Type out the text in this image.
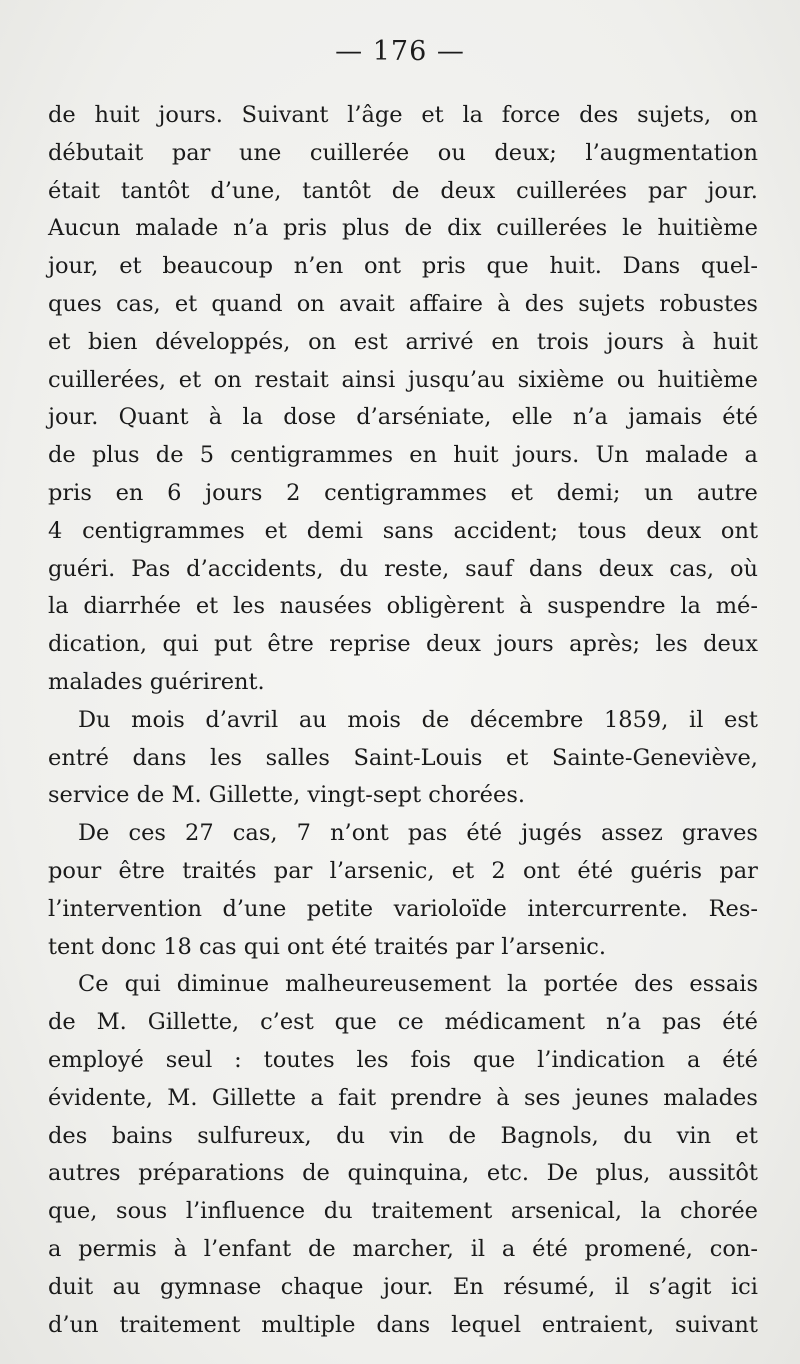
— 176 —
de huit jours. Suivant l’âge et la force des sujets, on
débutait par une cuillerée ou deux; l’augmentation
était tantôt d’une, tantôt de deux cuillerées par jour.
Aucun malade n’a pris plus de dix cuillerées le huitième
jour, et beaucoup n’en ont pris que huit. Dans quel-
ques cas, et quand on avait affaire à des sujets robustes
et bien développés, on est arrivé en trois jours à huit
cuillerées, et on restait ainsi jusqu’au sixième ou huitième
jour. Quant à la dose d’arséniate, elle n’a jamais été
de plus de 5 centigrammes en huit jours. Un malade a
pris en 6 jours 2 centigrammes et demi; un autre
4 centigrammes et demi sans accident; tous deux ont
guéri. Pas d’accidents, du reste, sauf dans deux cas, où
la diarrhée et les nausées obligèrent à suspendre la mé-
dication, qui put être reprise deux jours après; les deux
malades guérirent.
Du mois d’avril au mois de décembre 1859, il est
entré dans les salles Saint-Louis et Sainte-Geneviève,
service de M. Gillette, vingt-sept chorées.
De ces 27 cas, 7 n’ont pas été jugés assez graves
pour être traités par l’arsenic, et 2 ont été guéris par
l’intervention d’une petite varioloïde intercurrente. Res-
tent donc 18 cas qui ont été traités par l’arsenic.
Ce qui diminue malheureusement la portée des essais
de M. Gillette, c’est que ce médicament n’a pas été
employé seul : toutes les fois que l’indication a été
évidente, M. Gillette a fait prendre à ses jeunes malades
des bains sulfureux, du vin de Bagnols, du vin et
autres préparations de quinquina, etc. De plus, aussitôt
que, sous l’influence du traitement arsenical, la chorée
a permis à l’enfant de marcher, il a été promené, con-
duit au gymnase chaque jour. En résumé, il s’agit ici
d’un traitement multiple dans lequel entraient, suivant
